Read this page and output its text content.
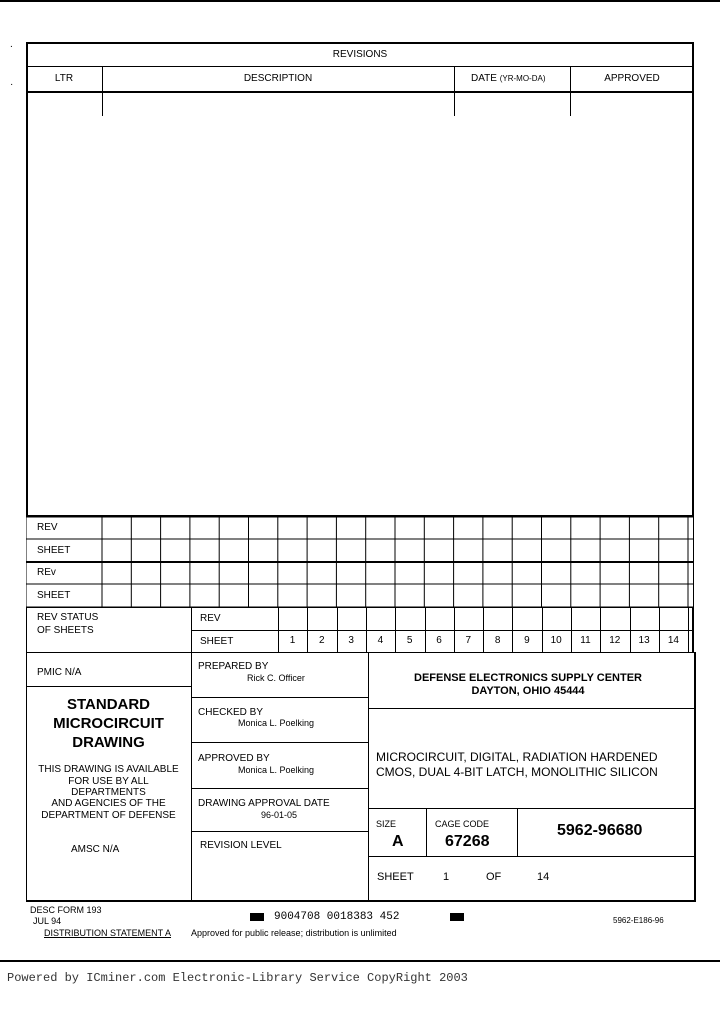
.
·
REVISIONS
LTR	DESCRIPTION	DATE (YR-MO-DA)	APPROVED
REV
SHEET
REv
SHEET
REV STATUS
OF SHEETS
REV
SHEET	1	2	3	4	5	6	7	8	9	10	11	12	13	14
PMIC N/A
STANDARD
MICROCIRCUIT
DRAWING
THIS DRAWING IS AVAILABLE
FOR USE BY ALL
DEPARTMENTS
AND AGENCIES OF THE
DEPARTMENT OF DEFENSE
AMSC N/A
PREPARED BY
Rick C. Officer
CHECKED BY
Monica L. Poelking
APPROVED BY
Monica L. Poelking
DRAWING APPROVAL DATE
96-01-05
REVISION LEVEL
DEFENSE ELECTRONICS SUPPLY CENTER
DAYTON, OHIO 45444
MICROCIRCUIT, DIGITAL, RADIATION HARDENED
CMOS, DUAL 4-BIT LATCH, MONOLITHIC SILICON
SIZE
A
CAGE CODE
67268
5962-96680
SHEET	1	OF	14
DESC FORM 193
JUL 94	9004708 0018383 452
DISTRIBUTION STATEMENT A Approved for public release; distribution is unlimited
5962-E186-96
Powered by ICminer.com Electronic-Library Service CopyRight 2003
